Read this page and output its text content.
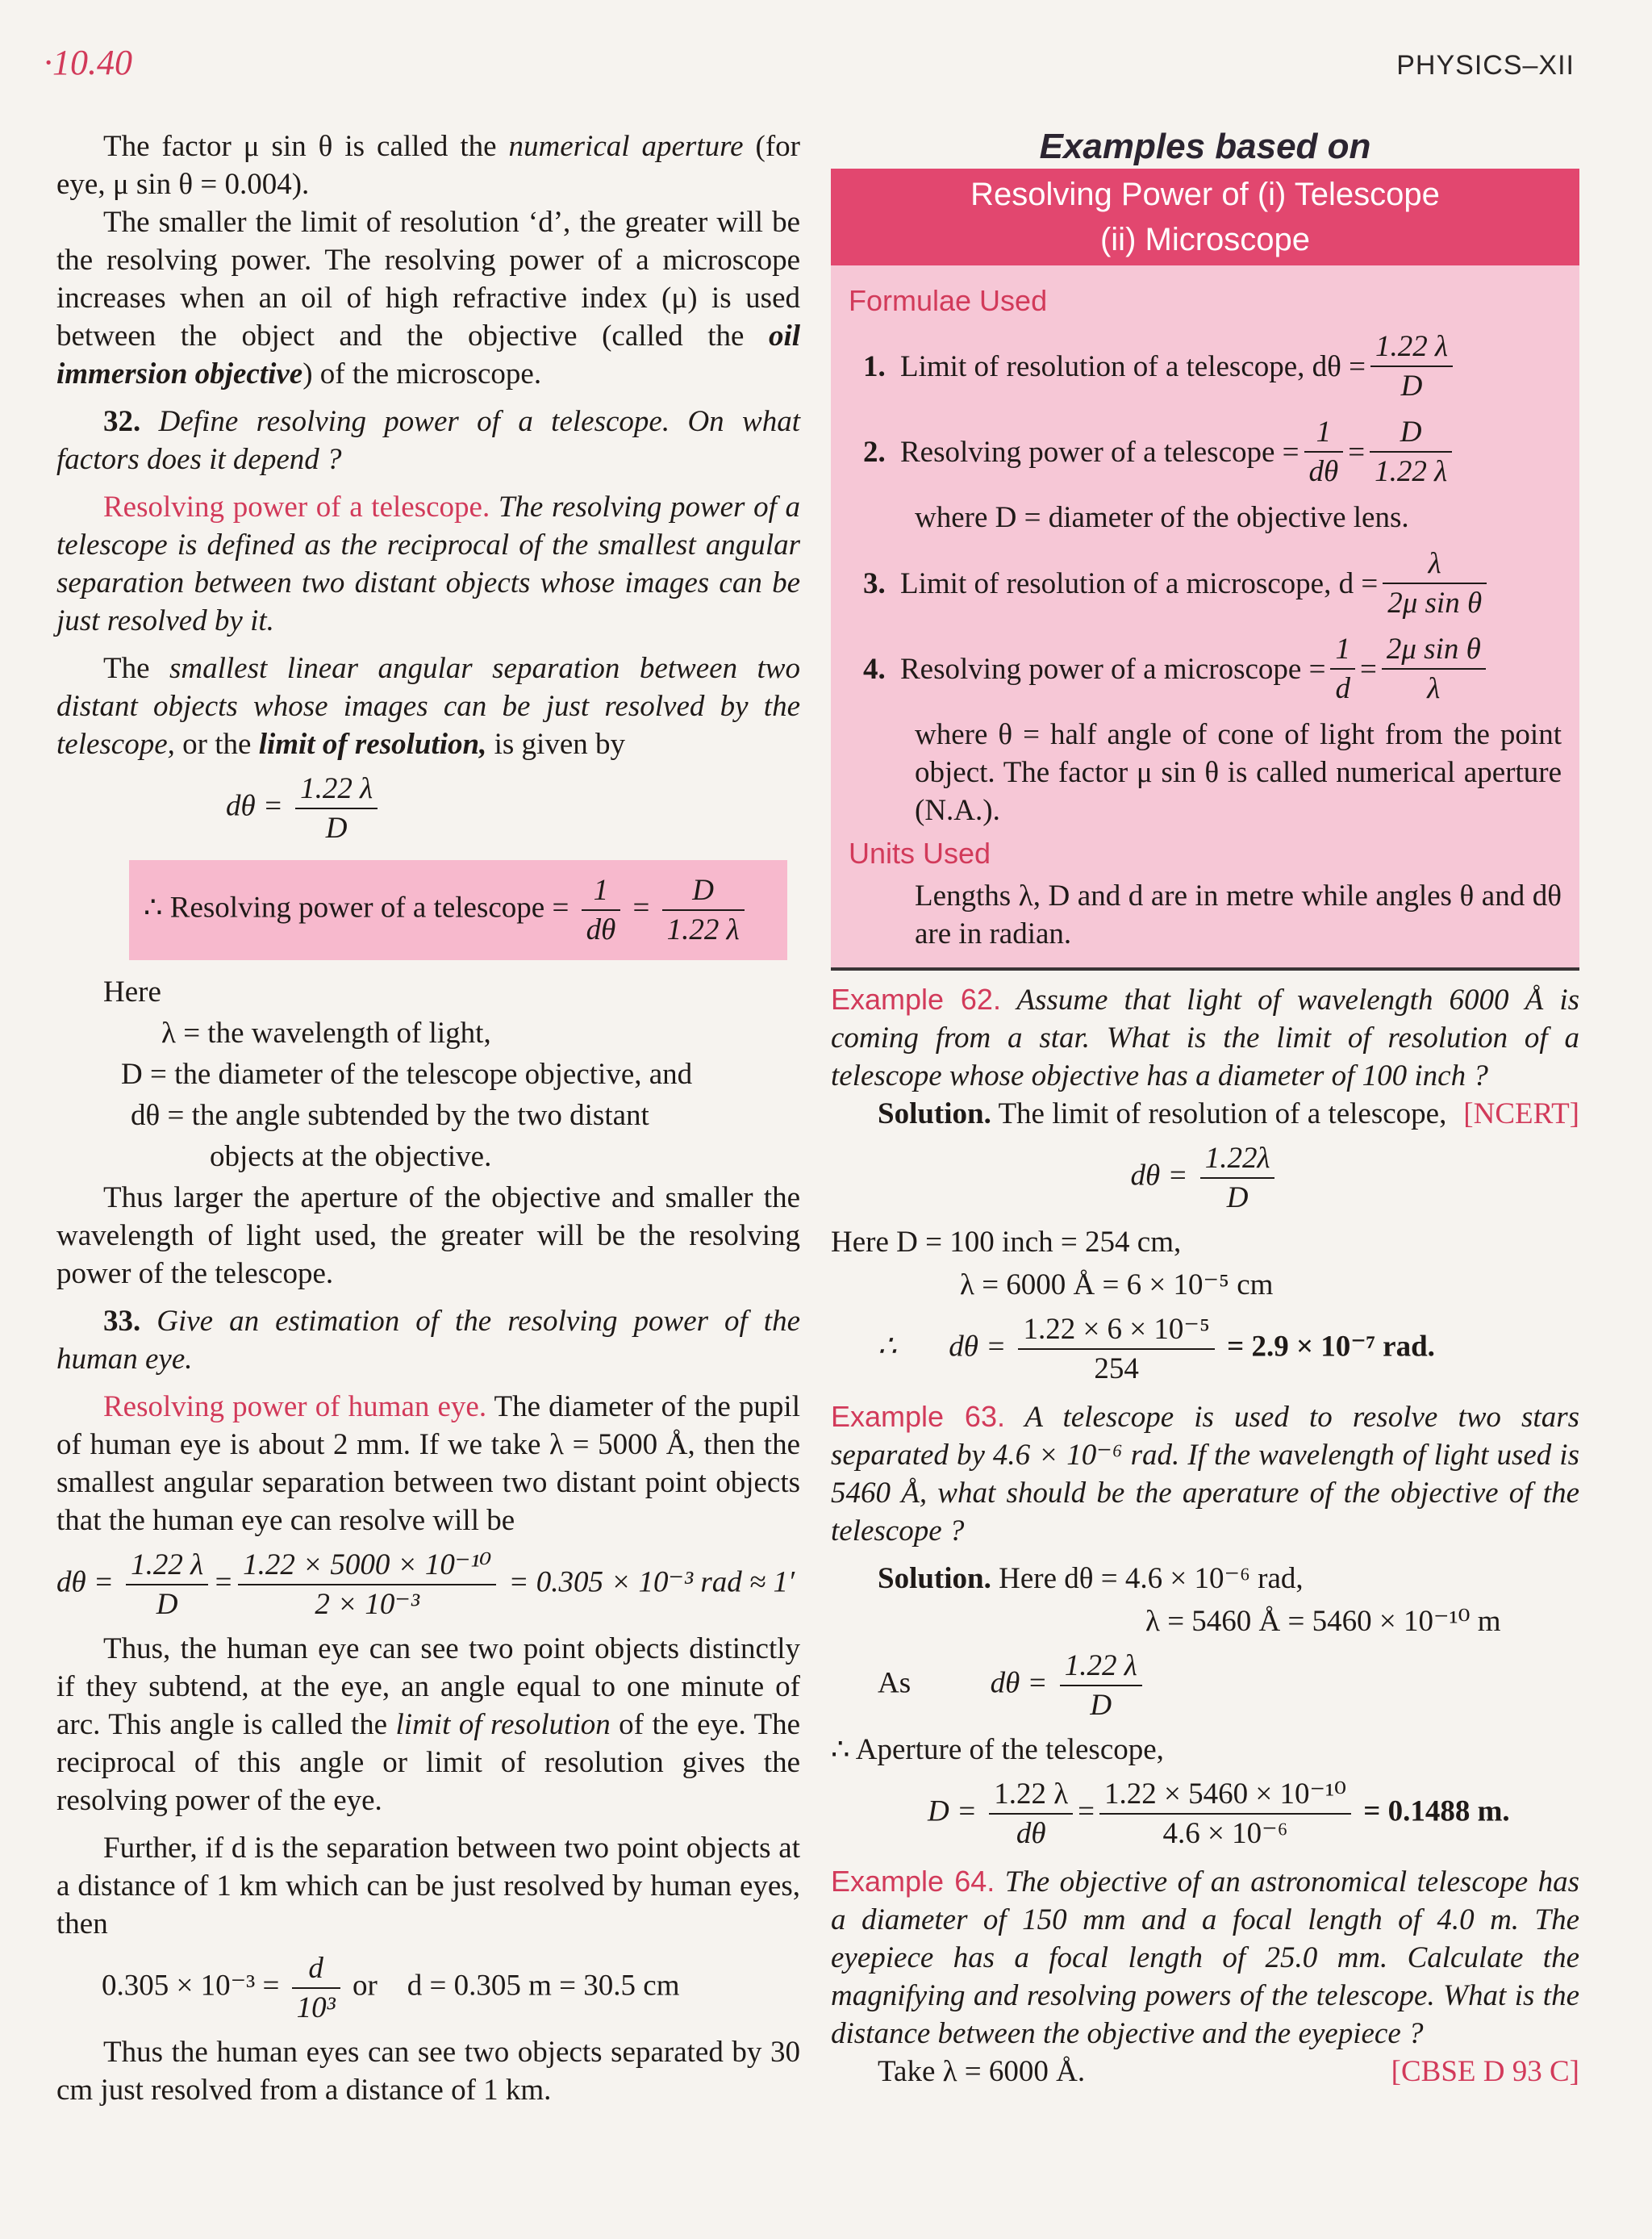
·10.40	PHYSICS–XII

The factor μ sin θ is called the numerical aperture (for eye, μ sin θ = 0.004).

The smaller the limit of resolution ‘d’, the greater will be the resolving power. The resolving power of a microscope increases when an oil of high refractive index (μ) is used between the object and the objective (called the oil immersion objective) of the microscope.

32. Define resolving power of a telescope. On what factors does it depend ?

Resolving power of a telescope. The resolving power of a telescope is defined as the reciprocal of the smallest angular separation between two distant objects whose images can be just resolved by it.

The smallest linear angular separation between two distant objects whose images can be just resolved by the telescope, or the limit of resolution, is given by

$d\theta = \frac{1.22 \lambda}{D}$
∴ Resolving power of a telescope = $\frac{1}{d\theta} = \frac{D}{1.22 \lambda}$

Here

λ = the wavelength of light,
D = the diameter of the telescope objective, and
dθ = the angle subtended by the two distant
objects at the objective.

Thus larger the aperture of the objective and smaller the wavelength of light used, the greater will be the resolving power of the telescope.

33. Give an estimation of the resolving power of the human eye.

Resolving power of human eye. The diameter of the pupil of human eye is about 2 mm. If we take λ = 5000 Å, then the smallest angular separation between two distant point objects that the human eye can resolve will be

$d\theta = \frac{1.22 \lambda}{D} = \frac{\text{1.22 × 5000 × 10⁻¹⁰}}{\text{2 × 10⁻³}} = 0.305 \times 10^{-3}$ rad ≈ 1′

Thus, the human eye can see two point objects distinctly if they subtend, at the eye, an angle equal to one minute of arc. This angle is called the limit of resolution of the eye. The reciprocal of this angle or limit of resolution gives the resolving power of the eye.

Further, if d is the separation between two point objects at a distance of 1 km which can be just resolved by human eyes, then

$0.305 \times 10^{-3} = \frac{d}{\text{10³}}$ or    d = 0.305 m = 30.5 cm

Thus the human eyes can see two objects separated by 30 cm just resolved from a distance of 1 km.

Examples based on
Resolving Power of (i) Telescope
(ii) Microscope
Formulae Used
1. Limit of resolution of a telescope, $d\theta = \frac{1.22 \lambda}{D}$
2. Resolving power of a telescope = $\frac{1}{d\theta} = \frac{D}{1.22 \lambda}$
where D = diameter of the objective lens.
3. Limit of resolution of a microscope, $d = \frac{\lambda}{\text{2μ sin θ}}$
4. Resolving power of a microscope = $\frac{1}{d} = \frac{\text{2μ sin θ}}{\lambda}$

where θ = half angle of cone of light from the point object. The factor μ sin θ is called numerical aperture (N.A.).

Units Used

Lengths λ, D and d are in metre while angles θ and dθ are in radian.

Example 62. Assume that light of wavelength 6000 Å is coming from a star. What is the limit of resolution of a telescope whose objective has a diameter of 100 inch ?
[NCERT]

Solution. The limit of resolution of a telescope,

$d\theta = \frac{1.22\lambda}{D}$
Here D = 100 inch = 254 cm,
λ = 6000 Å = 6 × 10⁻⁵ cm
∴       $d\theta = \frac{\text{1.22 × 6 × 10⁻⁵}}{254} = 2.9 \times 10^{-7}$ rad.

Example 63. A telescope is used to resolve two stars separated by 4.6 × 10⁻⁶ rad. If the wavelength of light used is 5460 Å, what should be the aperature of the objective of the telescope ?

Solution. Here dθ = 4.6 × 10⁻⁶ rad,

λ = 5460 Å = 5460 × 10⁻¹⁰ m
As	$d\theta = \frac{1.22 \lambda}{D}$
∴ Aperture of the telescope,
$D = \frac{1.22 \lambda}{d\theta} = \frac{\text{1.22 × 5460 × 10⁻¹⁰}}{\text{4.6 × 10⁻⁶}} = 0.1488$ m.

Example 64. The objective of an astronomical telescope has a diameter of 150 mm and a focal length of 4.0 m. The eyepiece has a focal length of 25.0 mm. Calculate the magnifying and resolving powers of the telescope. What is the distance between the objective and the eyepiece ?

Take λ = 6000 Å.	[CBSE D 93 C]
